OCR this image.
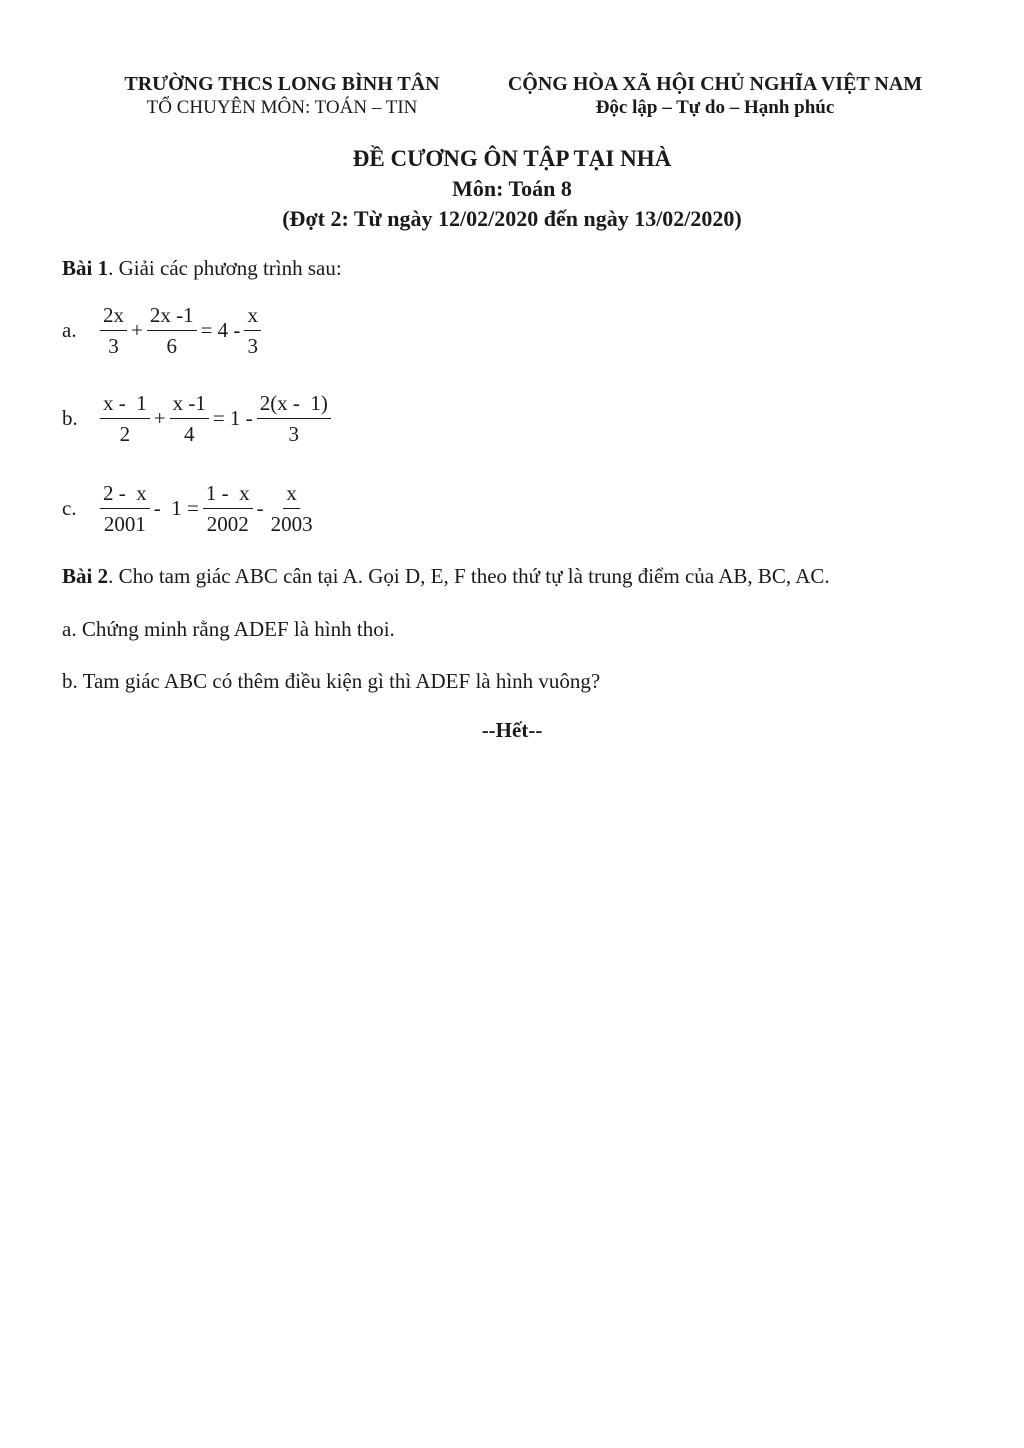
TRƯỜNG THCS LONG BÌNH TÂN
TỔ CHUYÊN MÔN: TOÁN – TIN
CỘNG HÒA XÃ HỘI CHỦ NGHĨA VIỆT NAM
Độc lập – Tự do – Hạnh phúc
ĐỀ CƯƠNG ÔN TẬP TẠI NHÀ
Môn: Toán 8
(Đợt 2: Từ ngày 12/02/2020 đến ngày 13/02/2020)
Bài 1. Giải các phương trình sau:
a.	$\frac{2x}{3} + \frac{2x -1}{6} = 4 - \frac{x}{3}$
b.	$\frac{x - 1}{2} + \frac{x -1}{4} = 1 - \frac{2(x - 1)}{3}$
c.	$\frac{2 - x}{2001} - 1 = \frac{1 - x}{2002} - \frac{x}{2003}$
Bài 2. Cho tam giác ABC cân tại A. Gọi D, E, F theo thứ tự là trung điểm của AB, BC, AC.
a. Chứng minh rằng ADEF là hình thoi.
b. Tam giác ABC có thêm điều kiện gì thì ADEF là hình vuông?
--Hết--
